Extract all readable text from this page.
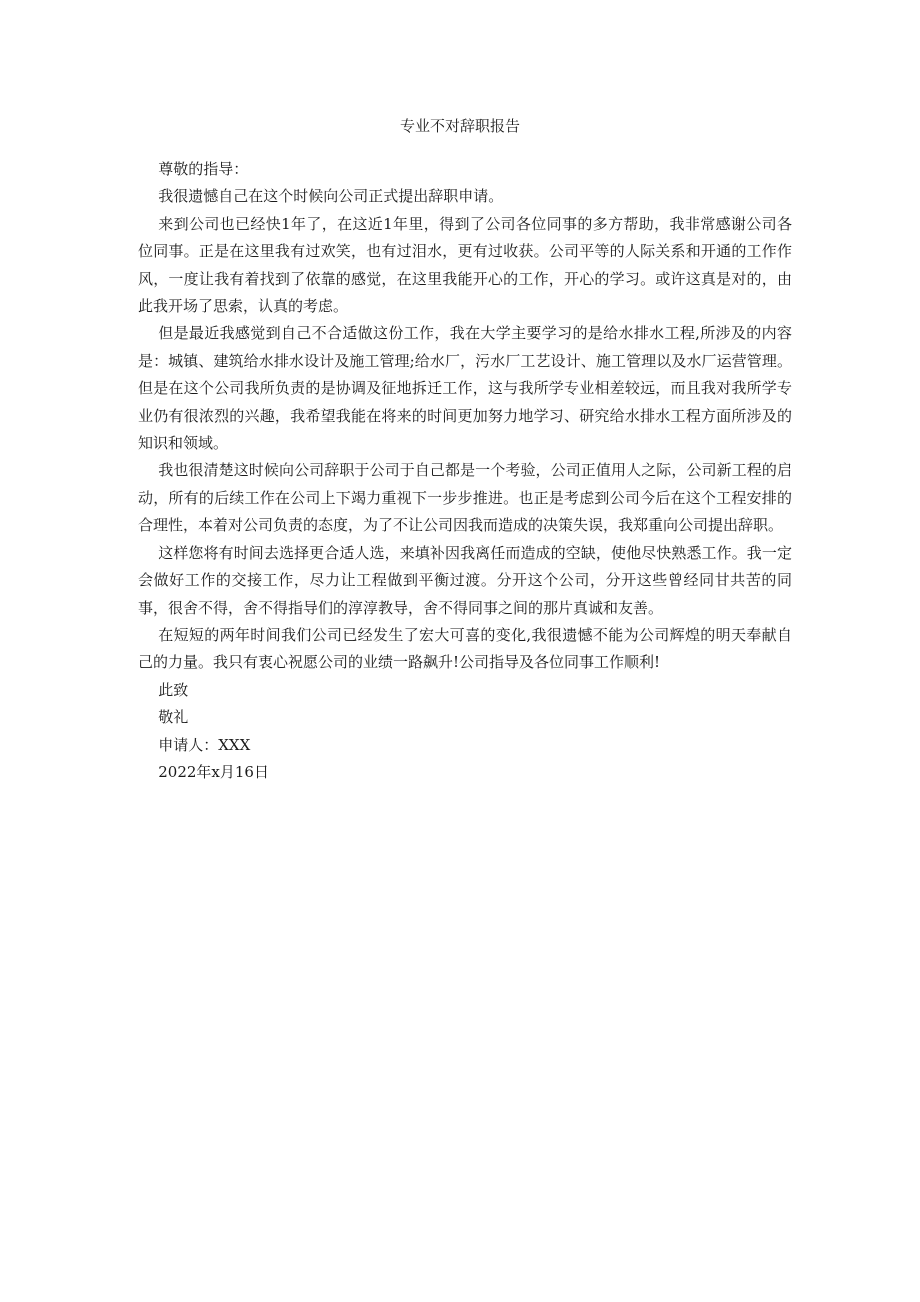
专业不对辞职报告

尊敬的指导：

我很遗憾自己在这个时候向公司正式提出辞职申请。

来到公司也已经快1年了，在这近1年里，得到了公司各位同事的多方帮助，我非常感谢公司各位同事。正是在这里我有过欢笑，也有过泪水，更有过收获。公司平等的人际关系和开通的工作作风，一度让我有着找到了依靠的感觉，在这里我能开心的工作，开心的学习。或许这真是对的，由此我开场了思索，认真的考虑。

但是最近我感觉到自己不合适做这份工作，我在大学主要学习的是给水排水工程,所涉及的内容是：城镇、建筑给水排水设计及施工管理;给水厂，污水厂工艺设计、施工管理以及水厂运营管理。但是在这个公司我所负责的是协调及征地拆迁工作，这与我所学专业相差较远，而且我对我所学专业仍有很浓烈的兴趣，我希望我能在将来的时间更加努力地学习、研究给水排水工程方面所涉及的知识和领域。

我也很清楚这时候向公司辞职于公司于自己都是一个考验，公司正值用人之际，公司新工程的启动，所有的后续工作在公司上下竭力重视下一步步推进。也正是考虑到公司今后在这个工程安排的合理性，本着对公司负责的态度，为了不让公司因我而造成的决策失误，我郑重向公司提出辞职。

这样您将有时间去选择更合适人选，来填补因我离任而造成的空缺，使他尽快熟悉工作。我一定会做好工作的交接工作，尽力让工程做到平衡过渡。分开这个公司，分开这些曾经同甘共苦的同事，很舍不得，舍不得指导们的淳淳教导，舍不得同事之间的那片真诚和友善。

在短短的两年时间我们公司已经发生了宏大可喜的变化,我很遗憾不能为公司辉煌的明天奉献自己的力量。我只有衷心祝愿公司的业绩一路飙升!公司指导及各位同事工作顺利!

此致

敬礼

申请人：XXX

2022年x月16日
